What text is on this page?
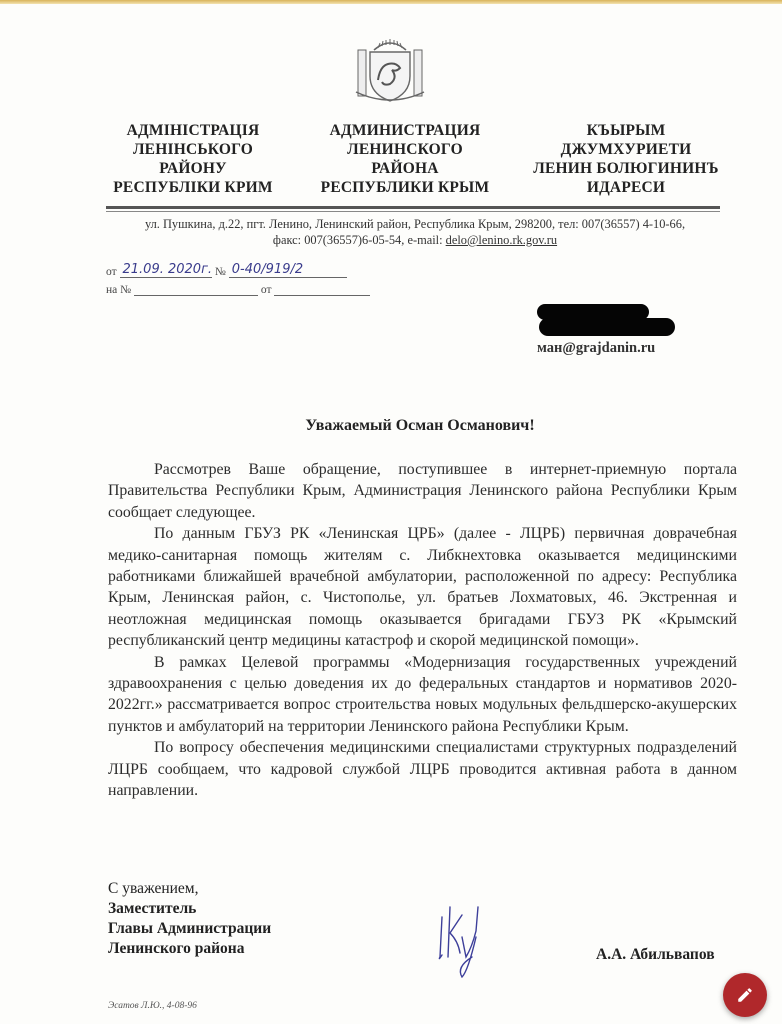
АДМІНІСТРАЦІЯ
ЛЕНІНСЬКОГО
РАЙОНУ
РЕСПУБЛІКИ КРИМ
АДМИНИСТРАЦИЯ
ЛЕНИНСКОГО
РАЙОНА
РЕСПУБЛИКИ КРЫМ
КЪЫРЫМ
ДЖУМХУРИЕТИ
ЛЕНИН БОЛЮГИНИНЪ
ИДАРЕСИ
ул. Пушкина, д.22, пгт. Ленино, Ленинский район, Республика Крым, 298200, тел: 007(36557) 4-10-66,
факс: 007(36557)6-05-54, e-mail: delo@lenino.rk.gov.ru
от 21.09. 2020г. № 0-40/919/2
на №	от
ман@grajdanin.ru
Уважаемый Осман Османович!

Рассмотрев Ваше обращение, поступившее в интернет-приемную портала Правительства Республики Крым, Администрация Ленинского района Республики Крым сообщает следующее.

По данным ГБУЗ РК «Ленинская ЦРБ» (далее - ЛЦРБ) первичная доврачебная медико-санитарная помощь жителям с. Либкнехтовка оказывается медицинскими работниками ближайшей врачебной амбулатории, расположенной по адресу: Республика Крым, Ленинская район, с. Чистополье, ул. братьев Лохматовых, 46. Экстренная и неотложная медицинская помощь оказывается бригадами ГБУЗ РК «Крымский республиканский центр медицины катастроф и скорой медицинской помощи».

В рамках Целевой программы «Модернизация государственных учреждений здравоохранения с целью доведения их до федеральных стандартов и нормативов 2020-2022гг.» рассматривается вопрос строительства новых модульных фельдшерско-акушерских пунктов и амбулаторий на территории Ленинского района Республики Крым.

По вопросу обеспечения медицинскими специалистами структурных подразделений ЛЦРБ сообщаем, что кадровой службой ЛЦРБ проводится активная работа в данном направлении.

С уважением,
Заместитель
Главы Администрации
Ленинского района	А.А. Абильвапов
Эсатов Л.Ю., 4-08-96
